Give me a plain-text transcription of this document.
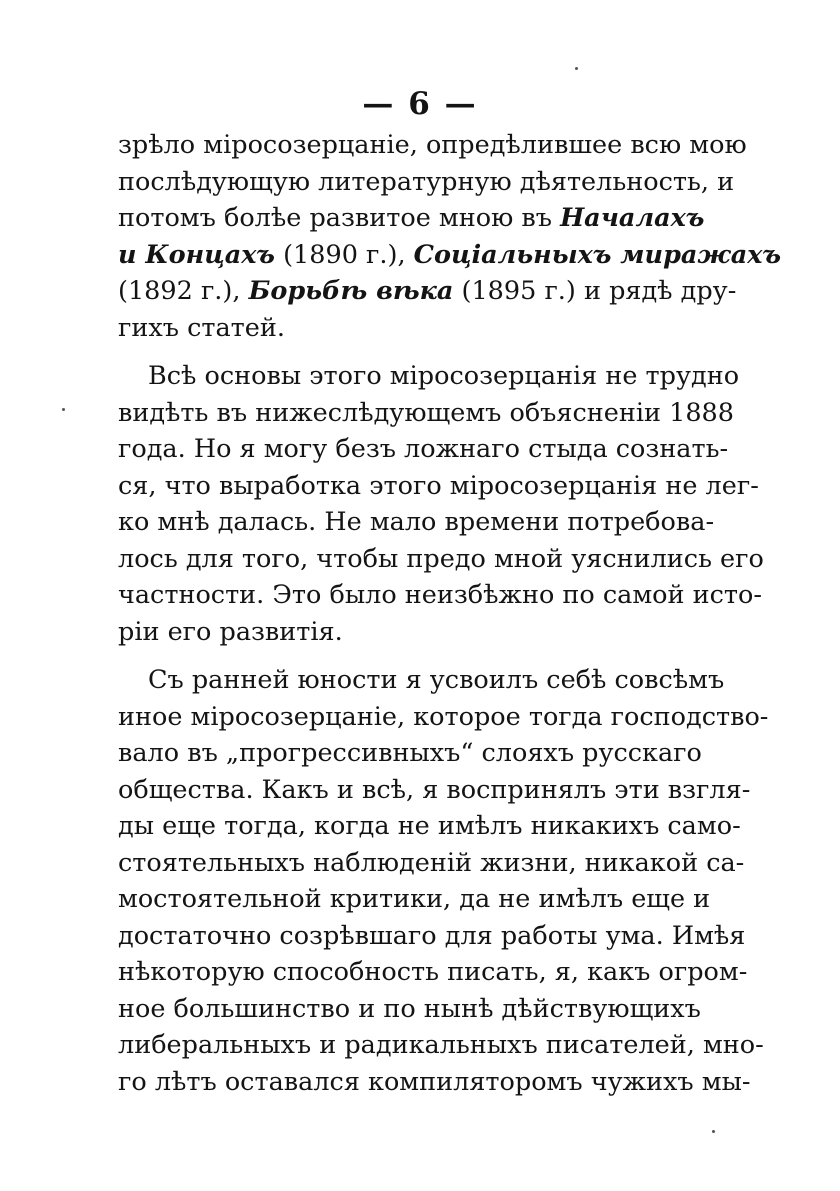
— 6 —
зрѣло міросозерцаніе, опредѣлившее всю мою
послѣдующую литературную дѣятельность, и
потомъ болѣе развитое мною въ Началахъ
и Концахъ (1890 г.), Соціальныхъ миражахъ
(1892 г.), Борьбѣ вѣка (1895 г.) и рядѣ дру-
гихъ статей.
Всѣ основы этого міросозерцанія не трудно
видѣть въ нижеслѣдующемъ объясненіи 1888
года. Но я могу безъ ложнаго стыда сознать-
ся, что выработка этого міросозерцанія не лег-
ко мнѣ далась. Не мало времени потребова-
лось для того, чтобы предо мной уяснились его
частности. Это было неизбѣжно по самой исто-
ріи его развитія.
Съ ранней юности я усвоилъ себѣ совсѣмъ
иное міросозерцаніе, которое тогда господство-
вало въ „прогрессивныхъ“ слояхъ русскаго
общества. Какъ и всѣ, я воспринялъ эти взгля-
ды еще тогда, когда не имѣлъ никакихъ само-
стоятельныхъ наблюденій жизни, никакой са-
мостоятельной критики, да не имѣлъ еще и
достаточно созрѣвшаго для работы ума. Имѣя
нѣкоторую способность писать, я, какъ огром-
ное большинство и по нынѣ дѣйствующихъ
либеральныхъ и радикальныхъ писателей, мно-
го лѣтъ оставался компиляторомъ чужихъ мы-
